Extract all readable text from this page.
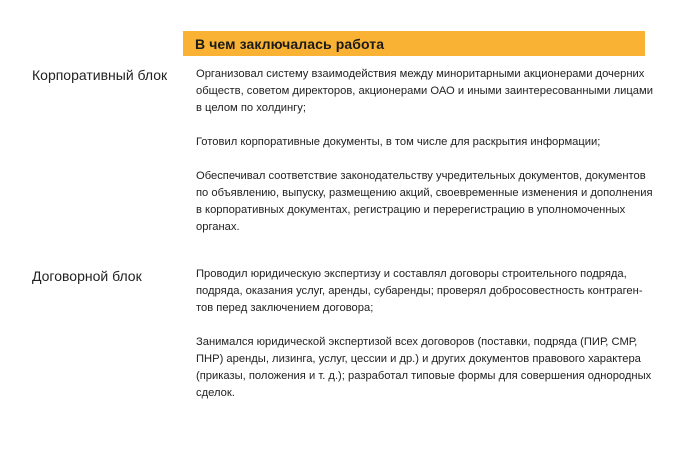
В чем заключалась работа
Корпоративный блок	Организовал систему взаимодействия между миноритарными акционерами дочерних
обществ, советом директоров, акционерами ОАО и иными заинтересованными лицами
в целом по холдингу;

Готовил корпоративные документы, в том числе для раскрытия информации;

Обеспечивал соответствие законодательству учредительных документов, документов
по объявлению, выпуску, размещению акций, своевременные изменения и дополнения
в корпоративных документах, регистрацию и перерегистрацию в уполномоченных
органах.

Договорной блок	Проводил юридическую экспертизу и составлял договоры строительного подряда,
подряда, оказания услуг, аренды, субаренды; проверял добросовестность контраген-
тов перед заключением договора;

Занимался юридической экспертизой всех договоров (поставки, подряда (ПИР, СМР,
ПНР) аренды, лизинга, услуг, цессии и др.) и других документов правового характера
(приказы, положения и т. д.); разработал типовые формы для совершения однородных
сделок.
